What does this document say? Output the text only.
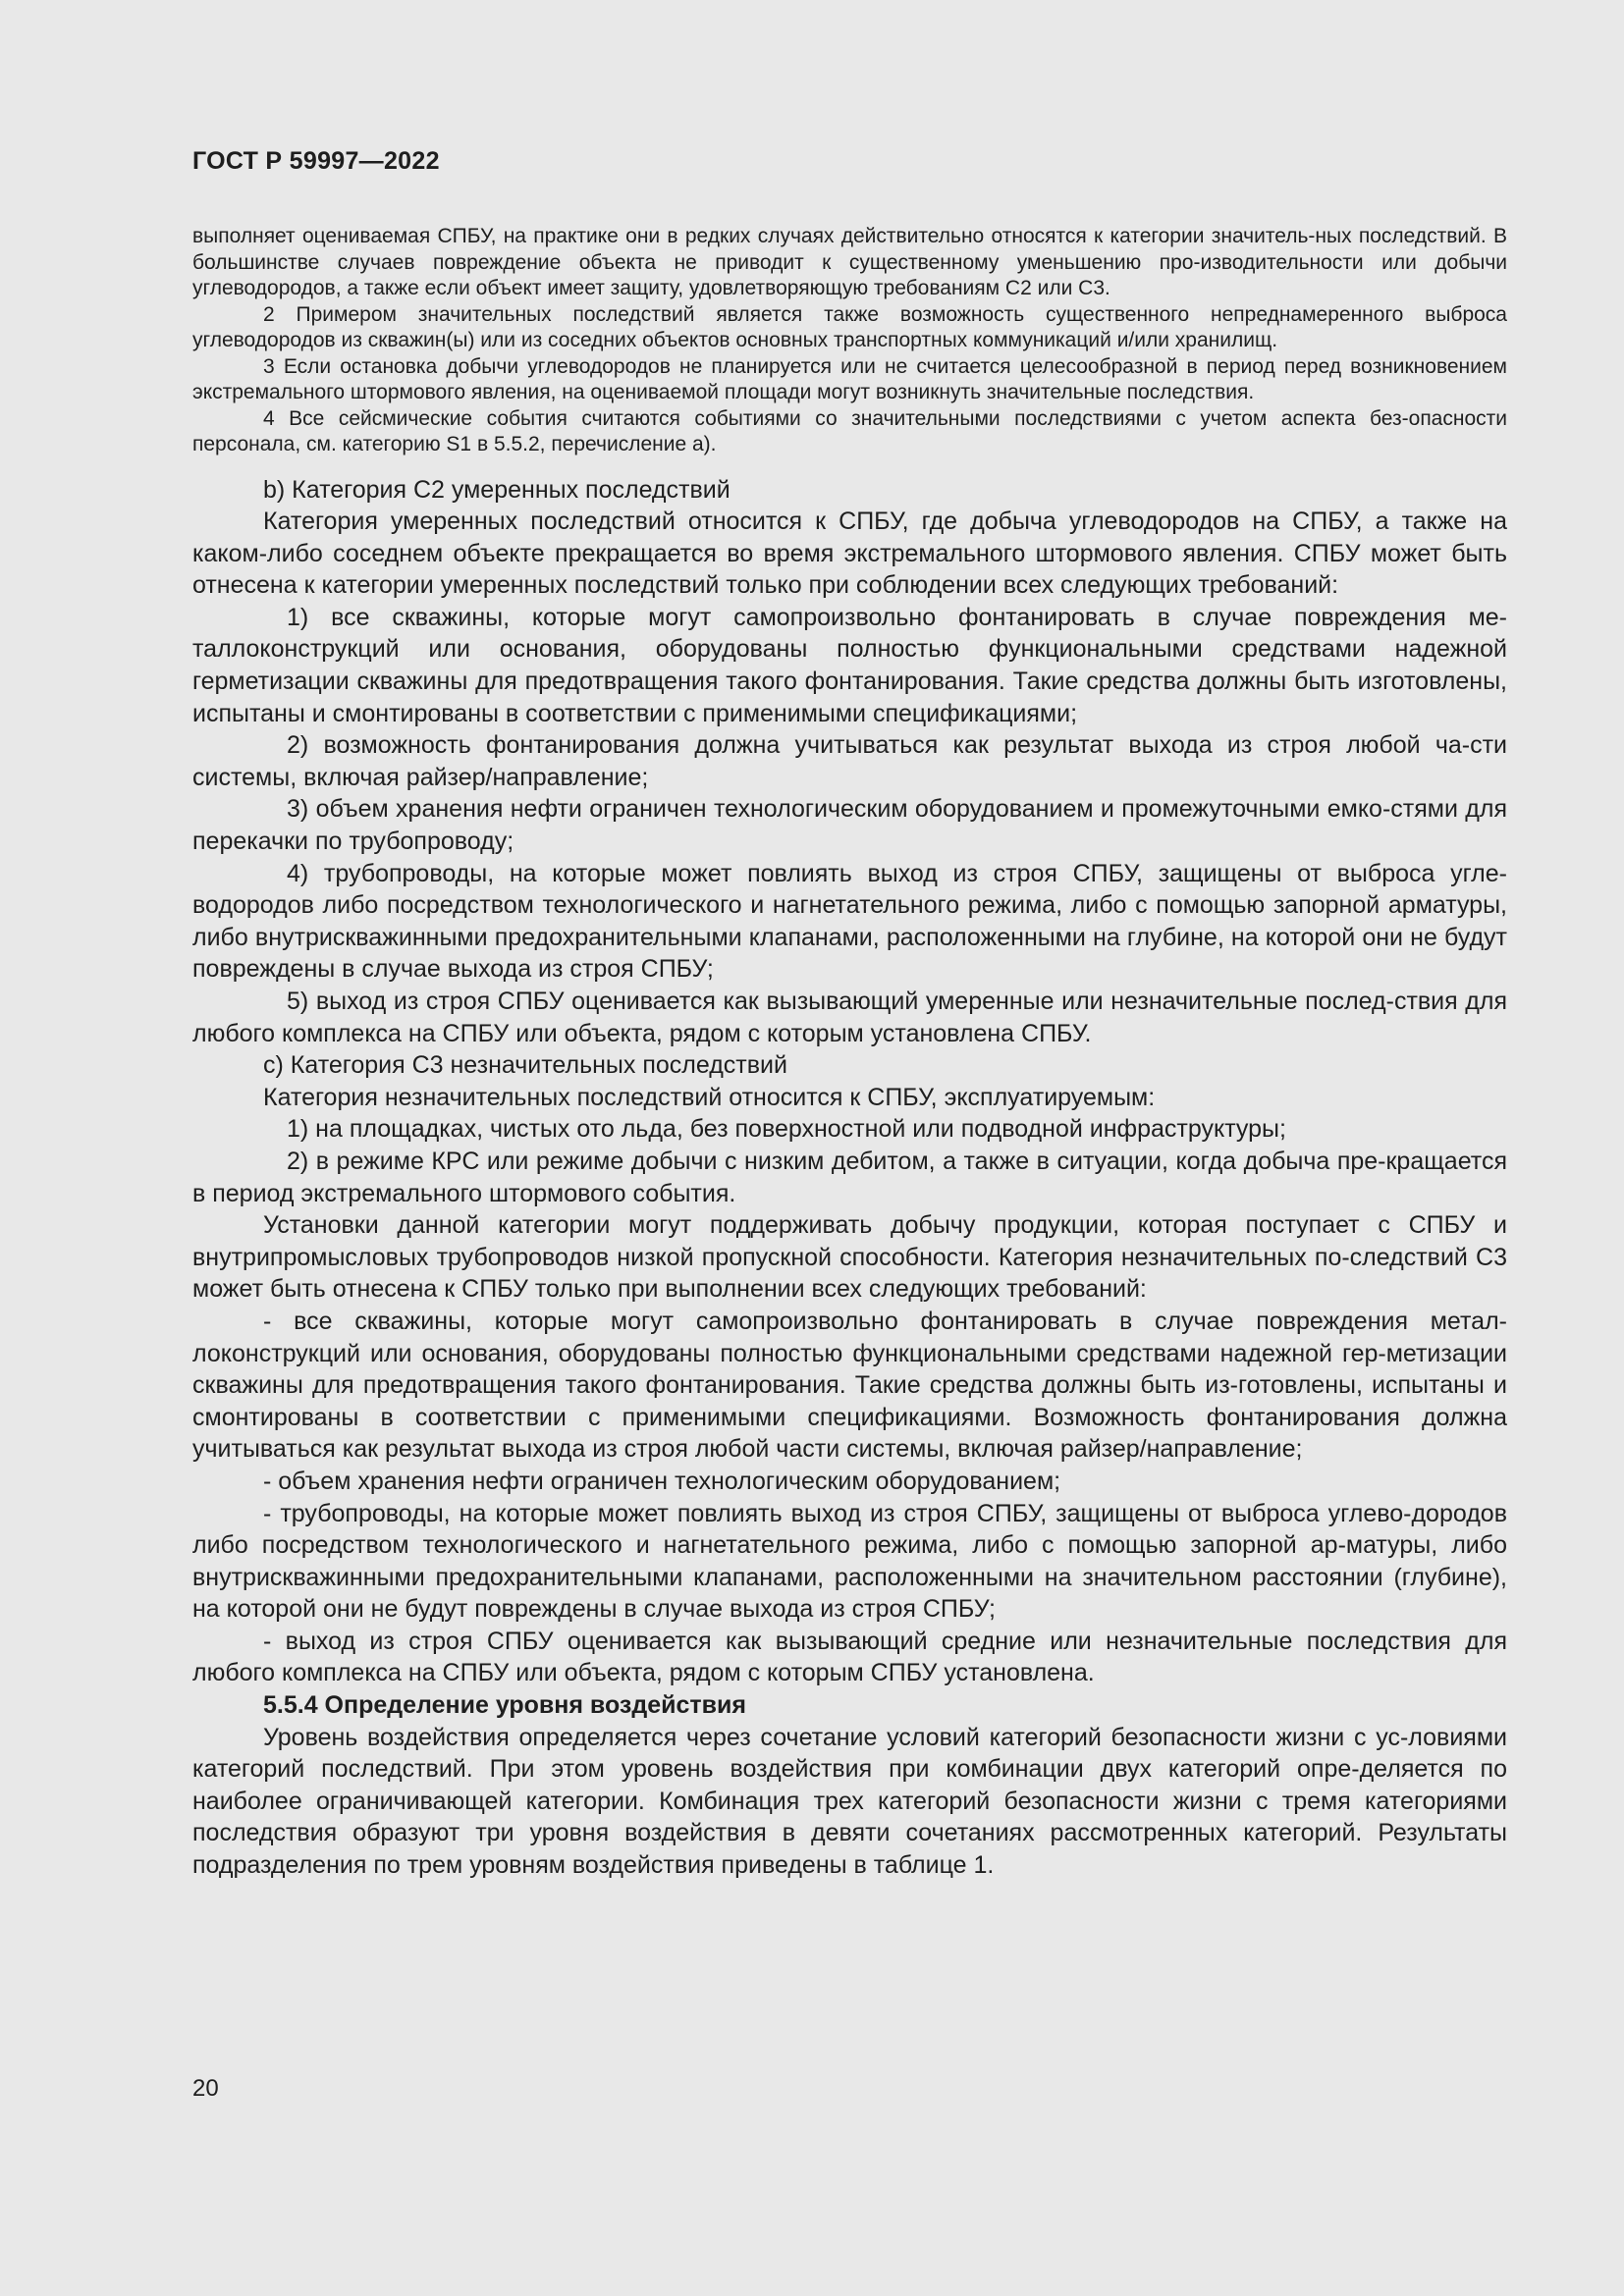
ГОСТ Р 59997—2022

выполняет оцениваемая СПБУ, на практике они в редких случаях действительно относятся к категории значитель-ных последствий. В большинстве случаев повреждение объекта не приводит к существенному уменьшению про-изводительности или добычи углеводородов, а также если объект имеет защиту, удовлетворяющую требованиям С2 или С3.

2 Примером значительных последствий является также возможность существенного непреднамеренного выброса углеводородов из скважин(ы) или из соседних объектов основных транспортных коммуникаций и/или хранилищ.

3 Если остановка добычи углеводородов не планируется или не считается целесообразной в период перед возникновением экстремального штормового явления, на оцениваемой площади могут возникнуть значительные последствия.

4 Все сейсмические события считаются событиями со значительными последствиями с учетом аспекта без-опасности персонала, см. категорию S1 в 5.5.2, перечисление а).

b) Категория С2 умеренных последствий

Категория умеренных последствий относится к СПБУ, где добыча углеводородов на СПБУ, а также на каком-либо соседнем объекте прекращается во время экстремального штормового явления. СПБУ может быть отнесена к категории умеренных последствий только при соблюдении всех следующих требований:

1) все скважины, которые могут самопроизвольно фонтанировать в случае повреждения ме-таллоконструкций или основания, оборудованы полностью функциональными средствами надежной герметизации скважины для предотвращения такого фонтанирования. Такие средства должны быть изготовлены, испытаны и смонтированы в соответствии с применимыми спецификациями;

2) возможность фонтанирования должна учитываться как результат выхода из строя любой ча-сти системы, включая райзер/направление;

3) объем хранения нефти ограничен технологическим оборудованием и промежуточными емко-стями для перекачки по трубопроводу;

4) трубопроводы, на которые может повлиять выход из строя СПБУ, защищены от выброса угле-водородов либо посредством технологического и нагнетательного режима, либо с помощью запорной арматуры, либо внутрискважинными предохранительными клапанами, расположенными на глубине, на которой они не будут повреждены в случае выхода из строя СПБУ;

5) выход из строя СПБУ оценивается как вызывающий умеренные или незначительные послед-ствия для любого комплекса на СПБУ или объекта, рядом с которым установлена СПБУ.

с) Категория С3 незначительных последствий

Категория незначительных последствий относится к СПБУ, эксплуатируемым:

1) на площадках, чистых ото льда, без поверхностной или подводной инфраструктуры;

2) в режиме КРС или режиме добычи с низким дебитом, а также в ситуации, когда добыча пре-кращается в период экстремального штормового события.

Установки данной категории могут поддерживать добычу продукции, которая поступает с СПБУ и внутрипромысловых трубопроводов низкой пропускной способности. Категория незначительных по-следствий С3 может быть отнесена к СПБУ только при выполнении всех следующих требований:

- все скважины, которые могут самопроизвольно фонтанировать в случае повреждения метал-локонструкций или основания, оборудованы полностью функциональными средствами надежной гер-метизации скважины для предотвращения такого фонтанирования. Такие средства должны быть из-готовлены, испытаны и смонтированы в соответствии с применимыми спецификациями. Возможность фонтанирования должна учитываться как результат выхода из строя любой части системы, включая райзер/направление;

- объем хранения нефти ограничен технологическим оборудованием;

- трубопроводы, на которые может повлиять выход из строя СПБУ, защищены от выброса углево-дородов либо посредством технологического и нагнетательного режима, либо с помощью запорной ар-матуры, либо внутрискважинными предохранительными клапанами, расположенными на значительном расстоянии (глубине), на которой они не будут повреждены в случае выхода из строя СПБУ;

- выход из строя СПБУ оценивается как вызывающий средние или незначительные последствия для любого комплекса на СПБУ или объекта, рядом с которым СПБУ установлена.

5.5.4 Определение уровня воздействия

Уровень воздействия определяется через сочетание условий категорий безопасности жизни с ус-ловиями категорий последствий. При этом уровень воздействия при комбинации двух категорий опре-деляется по наиболее ограничивающей категории. Комбинация трех категорий безопасности жизни с тремя категориями последствия образуют три уровня воздействия в девяти сочетаниях рассмотренных категорий. Результаты подразделения по трем уровням воздействия приведены в таблице 1.

20
